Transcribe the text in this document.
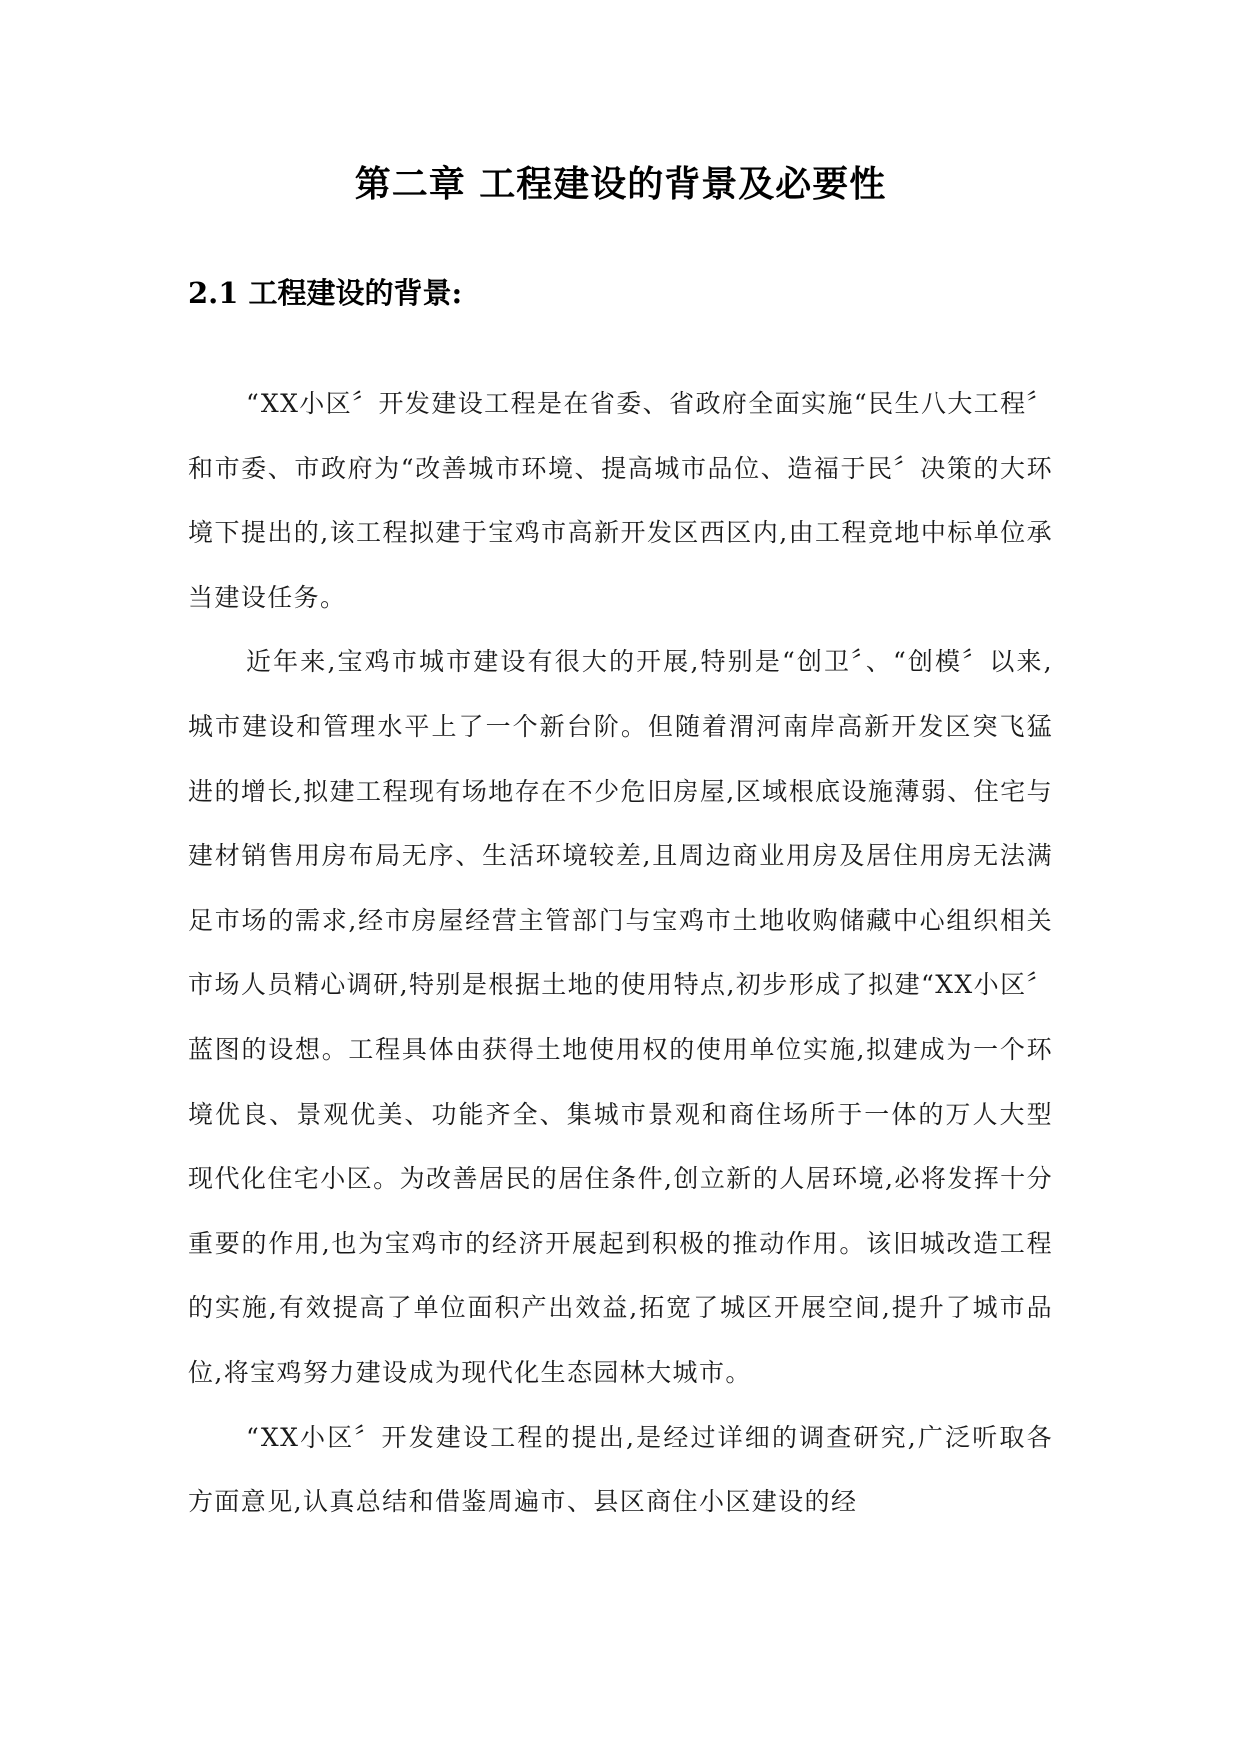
第二章 工程建设的背景及必要性
2.1 工程建设的背景:

“XX小区〞开发建设工程是在省委、省政府全面实施“民生八大工程〞和市委、市政府为“改善城市环境、提高城市品位、造福于民〞决策的大环境下提出的,该工程拟建于宝鸡市高新开发区西区内,由工程竞地中标单位承当建设任务。

近年来,宝鸡市城市建设有很大的开展,特别是“创卫〞、“创模〞以来,城市建设和管理水平上了一个新台阶。但随着渭河南岸高新开发区突飞猛进的增长,拟建工程现有场地存在不少危旧房屋,区域根底设施薄弱、住宅与建材销售用房布局无序、生活环境较差,且周边商业用房及居住用房无法满足市场的需求,经市房屋经营主管部门与宝鸡市土地收购储藏中心组织相关市场人员精心调研,特别是根据土地的使用特点,初步形成了拟建“XX小区〞蓝图的设想。工程具体由获得土地使用权的使用单位实施,拟建成为一个环境优良、景观优美、功能齐全、集城市景观和商住场所于一体的万人大型现代化住宅小区。为改善居民的居住条件,创立新的人居环境,必将发挥十分重要的作用,也为宝鸡市的经济开展起到积极的推动作用。该旧城改造工程的实施,有效提高了单位面积产出效益,拓宽了城区开展空间,提升了城市品位,将宝鸡努力建设成为现代化生态园林大城市。

“XX小区〞开发建设工程的提出,是经过详细的调查研究,广泛听取各方面意见,认真总结和借鉴周遍市、县区商住小区建设的经
